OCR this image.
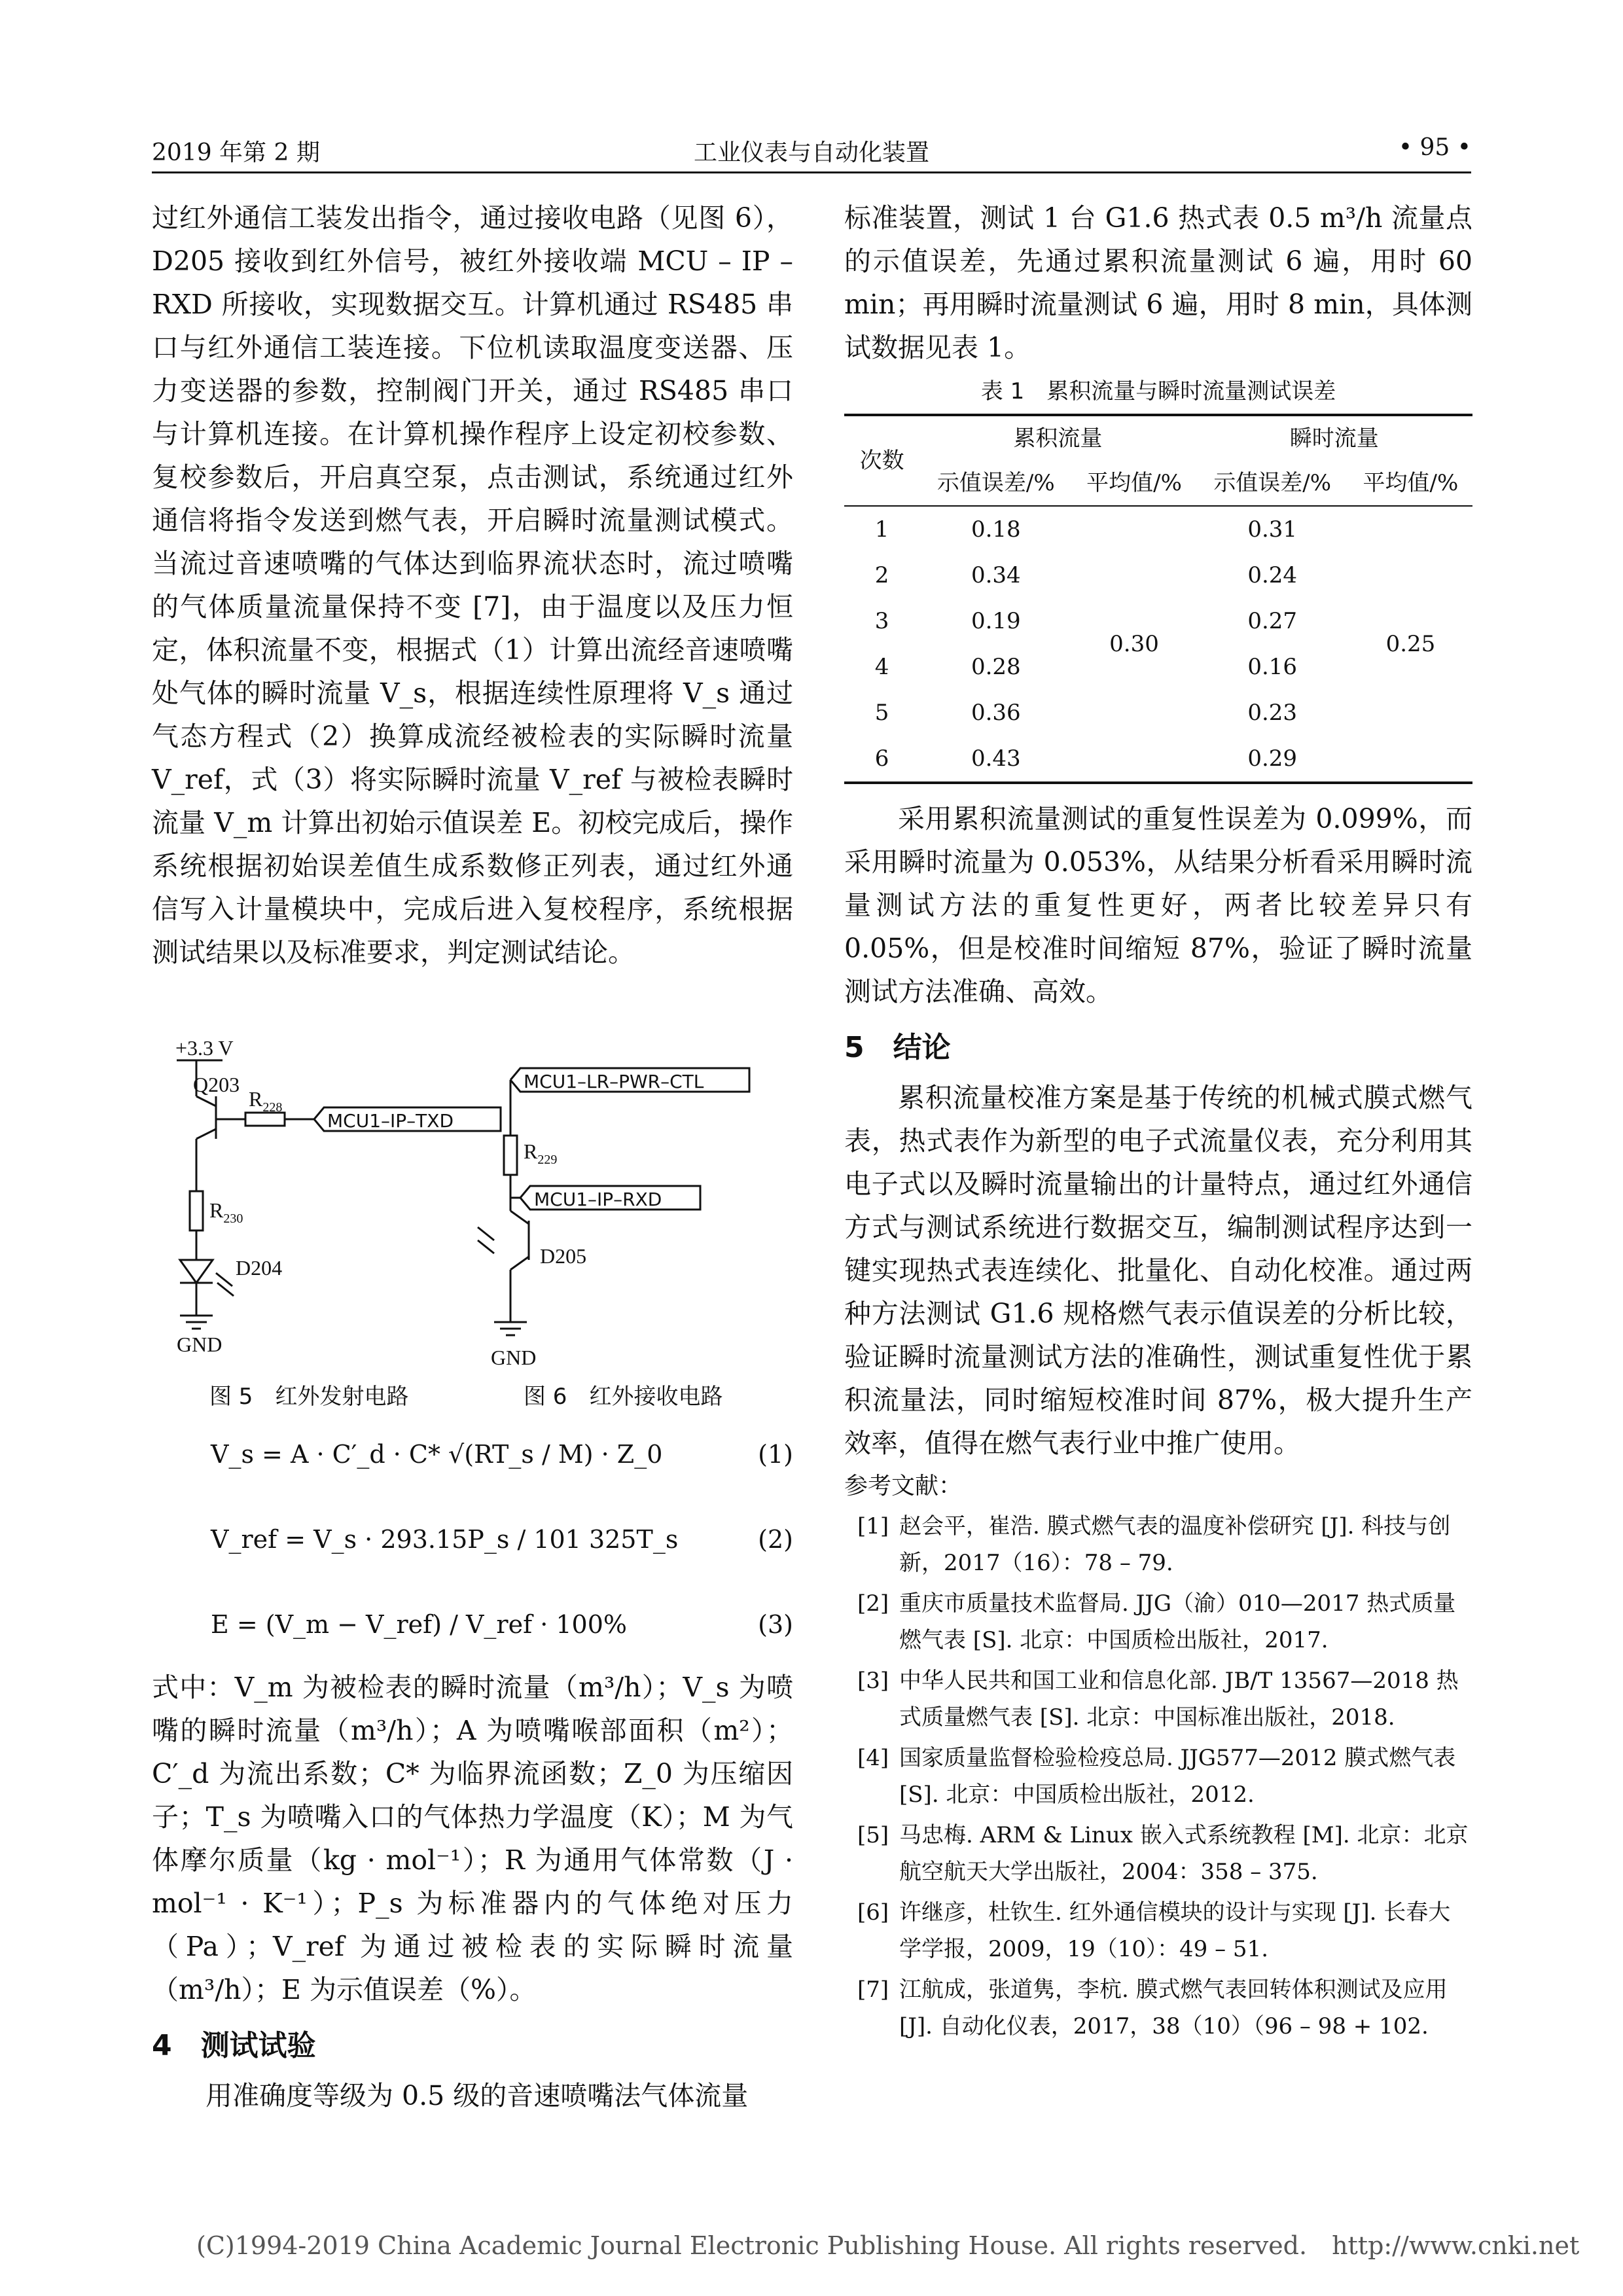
2019 年第 2 期	工业仪表与自动化装置	• 95 •

过红外通信工装发出指令，通过接收电路（见图 6），D205 接收到红外信号，被红外接收端 MCU – IP – RXD 所接收，实现数据交互。计算机通过 RS485 串口与红外通信工装连接。下位机读取温度变送器、压力变送器的参数，控制阀门开关，通过 RS485 串口与计算机连接。在计算机操作程序上设定初校参数、复校参数后，开启真空泵，点击测试，系统通过红外通信将指令发送到燃气表，开启瞬时流量测试模式。当流过音速喷嘴的气体达到临界流状态时，流过喷嘴的气体质量流量保持不变 [7]，由于温度以及压力恒定，体积流量不变，根据式（1）计算出流经音速喷嘴处气体的瞬时流量 V_s，根据连续性原理将 V_s 通过气态方程式（2）换算成流经被检表的实际瞬时流量 V_ref，式（3）将实际瞬时流量 V_ref 与被检表瞬时流量 V_m 计算出初始示值误差 E。初校完成后，操作系统根据初始误差值生成系数修正列表，通过红外通信写入计量模块中，完成后进入复校程序，系统根据测试结果以及标准要求，判定测试结论。

+3.3 V
Q203
$R_{228}$
MCU1–IP–TXD
$R_{230}$
D204
GND
MCU1–LR–PWR–CTL
$R_{229}$
MCU1–IP–RXD
D205
GND
图 5　红外发射电路	图 6　红外接收电路
V_s = A · C′_d · C* √(RT_s / M) · Z_0	(1)
V_ref = V_s · 293.15P_s / 101 325T_s	(2)
E = (V_m − V_ref) / V_ref · 100%	(3)

式中：V_m 为被检表的瞬时流量（m³/h）；V_s 为喷嘴的瞬时流量（m³/h）；A 为喷嘴喉部面积（m²）；C′_d 为流出系数；C* 为临界流函数；Z_0 为压缩因子；T_s 为喷嘴入口的气体热力学温度（K）；M 为气体摩尔质量（kg · mol⁻¹）；R 为通用气体常数（J · mol⁻¹ · K⁻¹）；P_s 为标准器内的气体绝对压力（Pa）；V_ref 为通过被检表的实际瞬时流量（m³/h）；E 为示值误差（%）。

4　测试试验

用准确度等级为 0.5 级的音速喷嘴法气体流量

标准装置，测试 1 台 G1.6 热式表 0.5 m³/h 流量点的示值误差，先通过累积流量测试 6 遍，用时 60 min；再用瞬时流量测试 6 遍，用时 8 min，具体测试数据见表 1。

表 1　累积流量与瞬时流量测试误差
次数	累积流量		瞬时流量	
	示值误差/%	平均值/%	示值误差/%	平均值/%
1	0.18	0.30	0.31	0.25
2	0.34		0.24	
3	0.19		0.27	
4	0.28		0.16	
5	0.36		0.23	
6	0.43		0.29	

采用累积流量测试的重复性误差为 0.099%，而采用瞬时流量为 0.053%，从结果分析看采用瞬时流量测试方法的重复性更好，两者比较差异只有 0.05%，但是校准时间缩短 87%，验证了瞬时流量测试方法准确、高效。

5　结论

累积流量校准方案是基于传统的机械式膜式燃气表，热式表作为新型的电子式流量仪表，充分利用其电子式以及瞬时流量输出的计量特点，通过红外通信方式与测试系统进行数据交互，编制测试程序达到一键实现热式表连续化、批量化、自动化校准。通过两种方法测试 G1.6 规格燃气表示值误差的分析比较，验证瞬时流量测试方法的准确性，测试重复性优于累积流量法，同时缩短校准时间 87%，极大提升生产效率，值得在燃气表行业中推广使用。

参考文献：
[1] 赵会平，崔浩. 膜式燃气表的温度补偿研究 [J]. 科技与创新，2017（16）：78 – 79.
[2] 重庆市质量技术监督局. JJG（渝）010—2017 热式质量燃气表 [S]. 北京：中国质检出版社，2017.
[3] 中华人民共和国工业和信息化部. JB/T 13567—2018 热式质量燃气表 [S]. 北京：中国标准出版社，2018.
[4] 国家质量监督检验检疫总局. JJG577—2012 膜式燃气表 [S]. 北京：中国质检出版社，2012.
[5] 马忠梅. ARM & Linux 嵌入式系统教程 [M]. 北京：北京航空航天大学出版社，2004：358 – 375.
[6] 许继彦，杜钦生. 红外通信模块的设计与实现 [J]. 长春大学学报，2009，19（10）：49 – 51.
[7] 江航成，张道隽，李杭. 膜式燃气表回转体积测试及应用 [J]. 自动化仪表，2017，38（10）（96 – 98 + 102.
(C)1994-2019 China Academic Journal Electronic Publishing House. All rights reserved.　http://www.cnki.net
